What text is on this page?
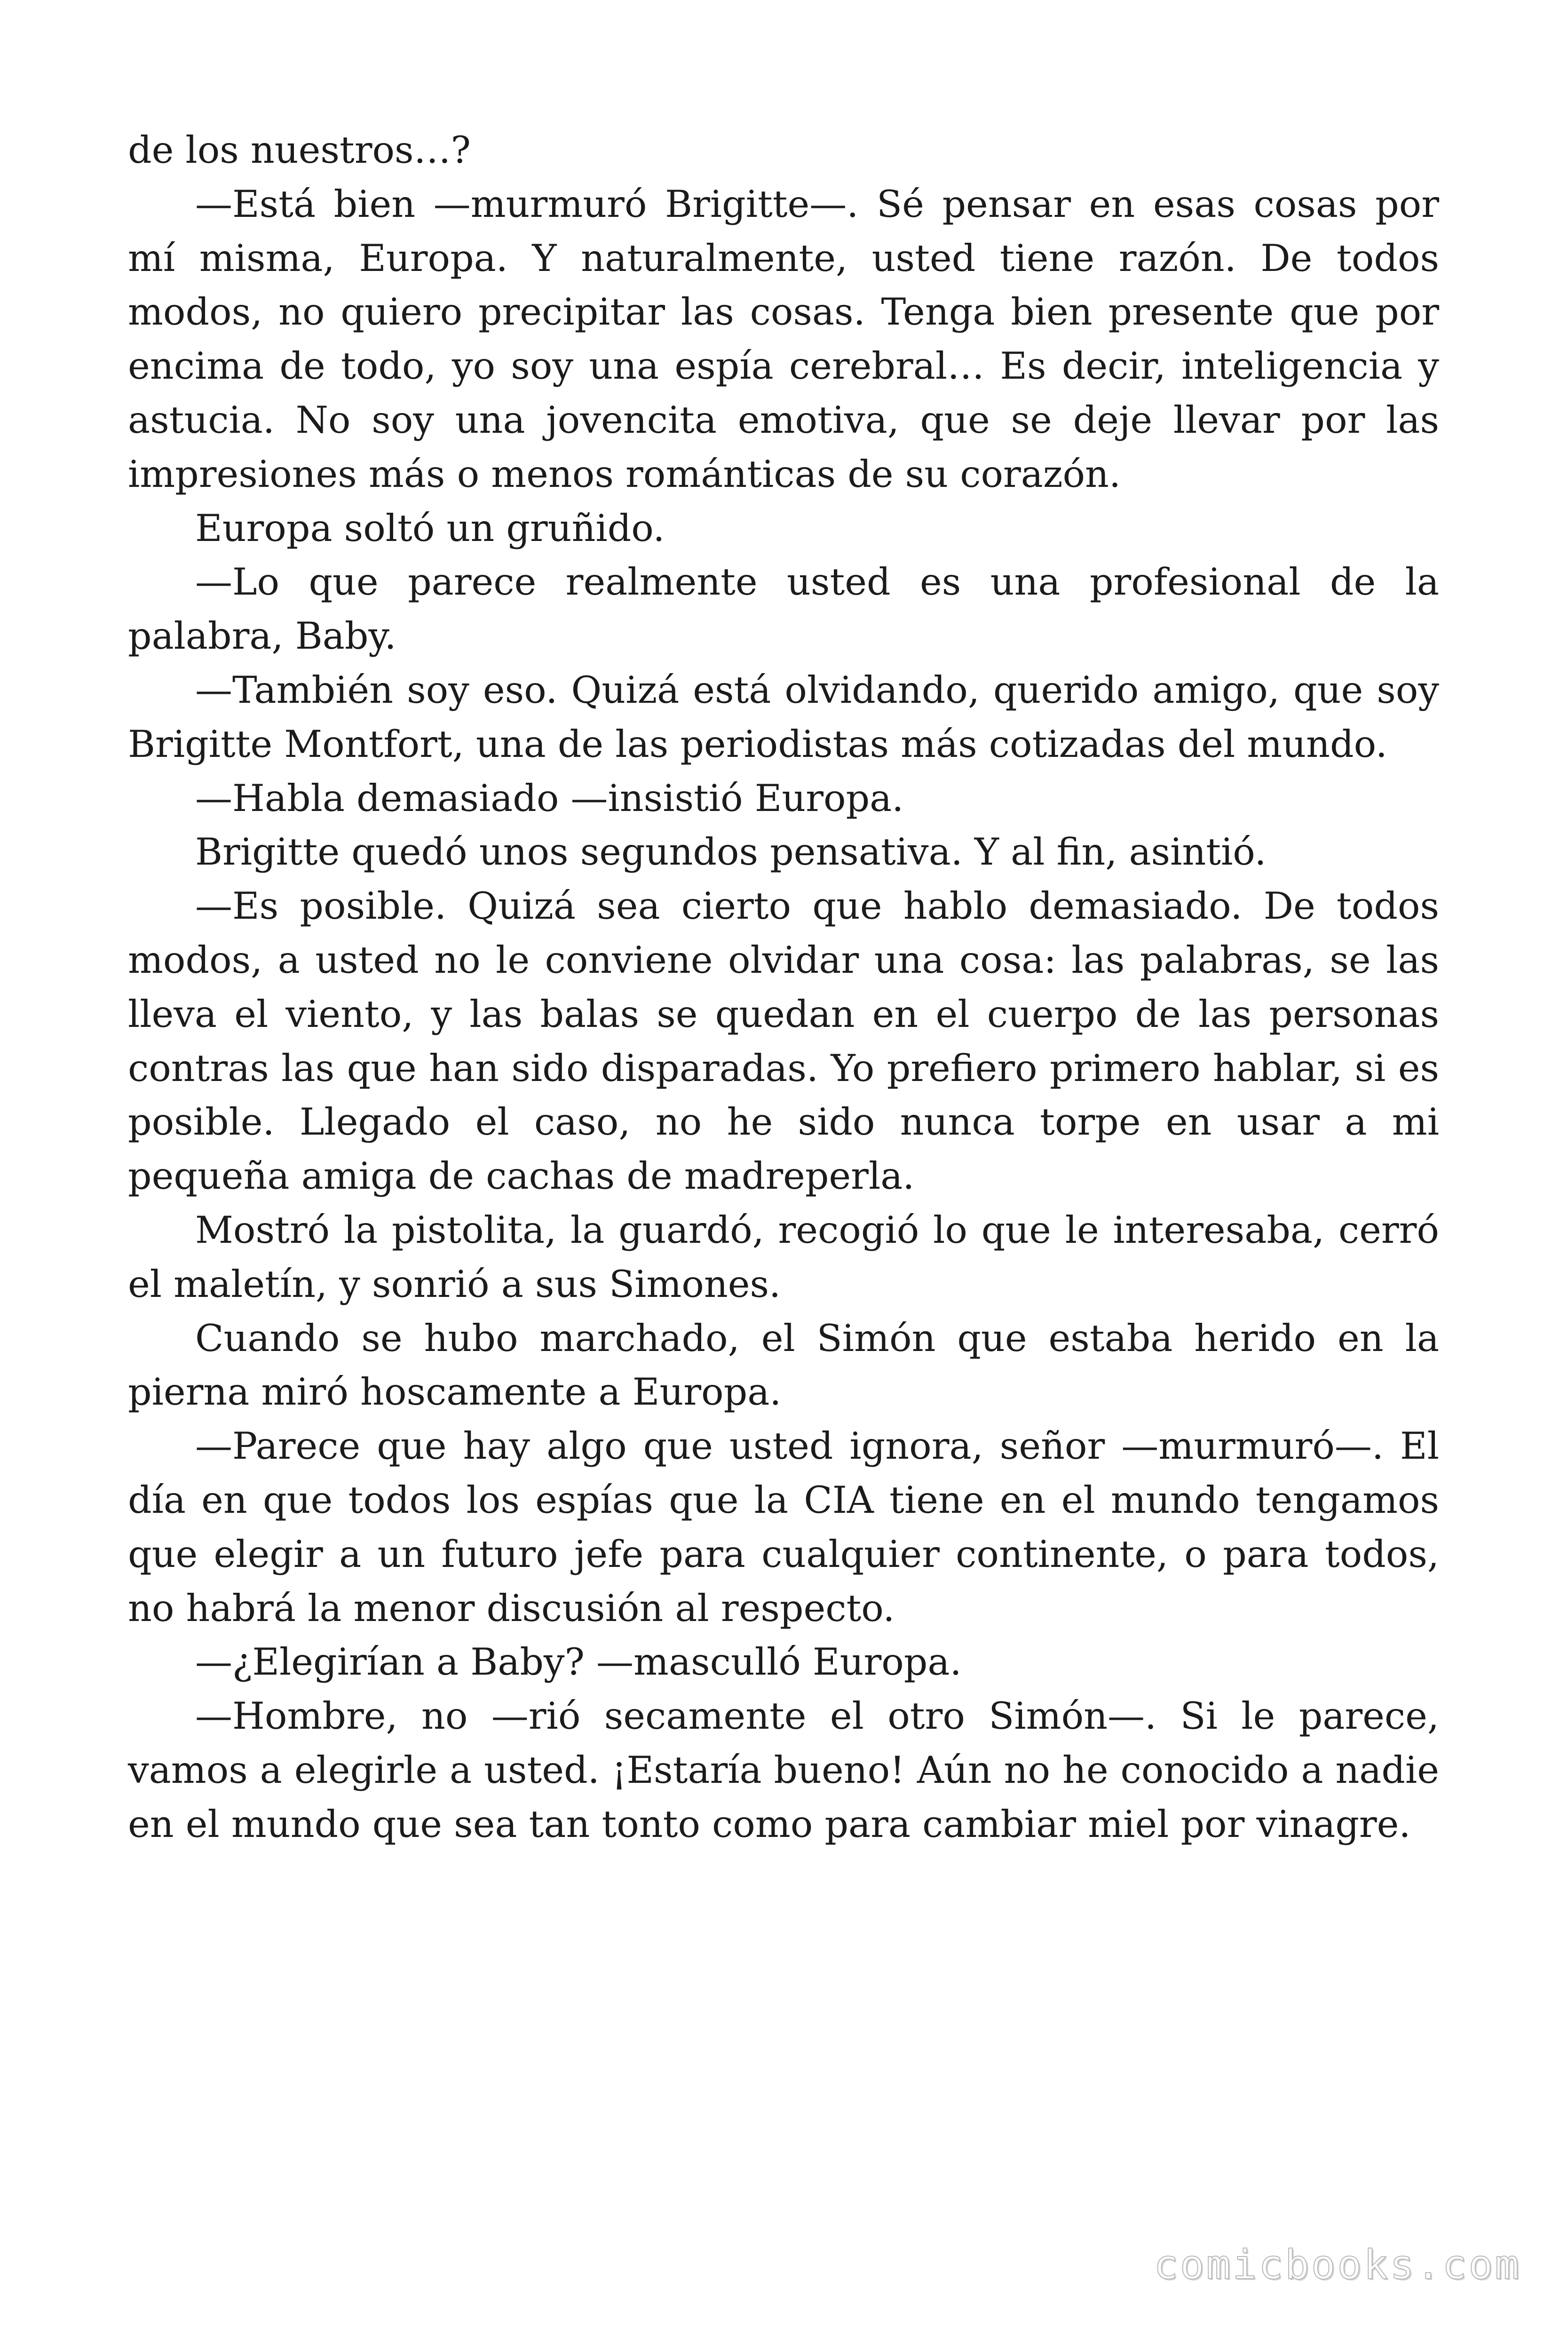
de los nuestros…?

—Está bien —murmuró Brigitte—. Sé pensar en esas cosas por mí misma, Europa. Y naturalmente, usted tiene razón. De todos modos, no quiero precipitar las cosas. Tenga bien presente que por encima de todo, yo soy una espía cerebral… Es decir, inteligencia y astucia. No soy una jovencita emotiva, que se deje llevar por las impresiones más o menos románticas de su corazón.

Europa soltó un gruñido.

—Lo que parece realmente usted es una profesional de la palabra, Baby.

—También soy eso. Quizá está olvidando, querido amigo, que soy Brigitte Montfort, una de las periodistas más cotizadas del mundo.

—Habla demasiado —insistió Europa.

Brigitte quedó unos segundos pensativa. Y al fin, asintió.

—Es posible. Quizá sea cierto que hablo demasiado. De todos modos, a usted no le conviene olvidar una cosa: las palabras, se las lleva el viento, y las balas se quedan en el cuerpo de las personas contras las que han sido disparadas. Yo prefiero primero hablar, si es posible. Llegado el caso, no he sido nunca torpe en usar a mi pequeña amiga de cachas de madreperla.

Mostró la pistolita, la guardó, recogió lo que le interesaba, cerró el maletín, y sonrió a sus Simones.

Cuando se hubo marchado, el Simón que estaba herido en la pierna miró hoscamente a Europa.

—Parece que hay algo que usted ignora, señor —murmuró—. El día en que todos los espías que la CIA tiene en el mundo tengamos que elegir a un futuro jefe para cualquier continente, o para todos, no habrá la menor discusión al respecto.

—¿Elegirían a Baby? —masculló Europa.

—Hombre, no —rió secamente el otro Simón—. Si le parece, vamos a elegirle a usted. ¡Estaría bueno! Aún no he conocido a nadie en el mundo que sea tan tonto como para cambiar miel por vinagre.

comicbooks.com
